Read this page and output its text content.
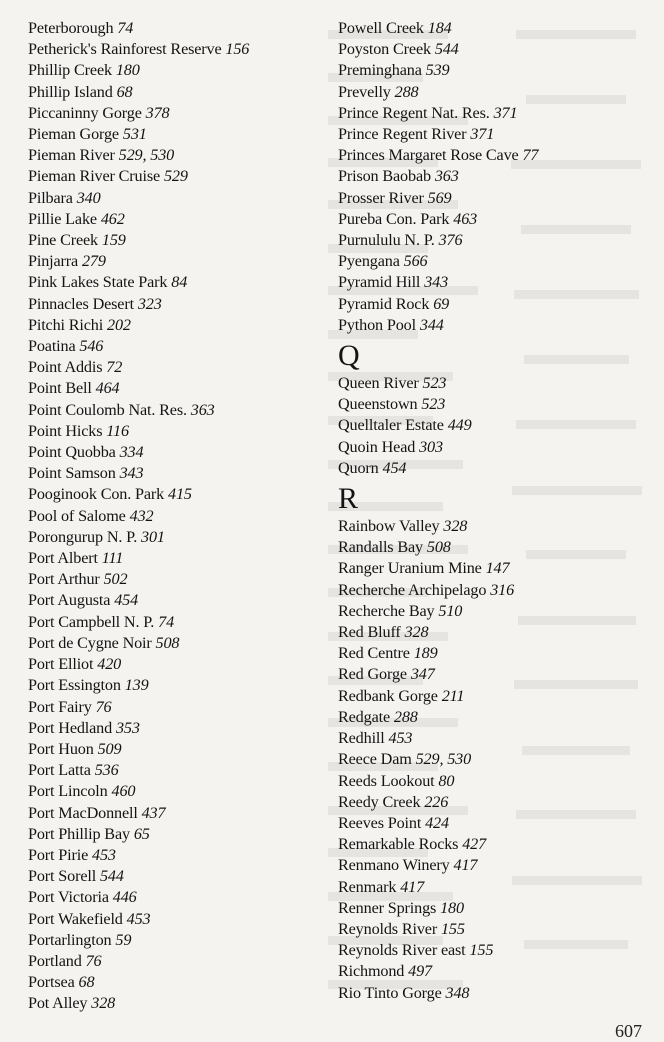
Peterborough 74
Petherick's Rainforest Reserve 156
Phillip Creek 180
Phillip Island 68
Piccaninny Gorge 378
Pieman Gorge 531
Pieman River 529, 530
Pieman River Cruise 529
Pilbara 340
Pillie Lake 462
Pine Creek 159
Pinjarra 279
Pink Lakes State Park 84
Pinnacles Desert 323
Pitchi Richi 202
Poatina 546
Point Addis 72
Point Bell 464
Point Coulomb Nat. Res. 363
Point Hicks 116
Point Quobba 334
Point Samson 343
Pooginook Con. Park 415
Pool of Salome 432
Porongurup N. P. 301
Port Albert 111
Port Arthur 502
Port Augusta 454
Port Campbell N. P. 74
Port de Cygne Noir 508
Port Elliot 420
Port Essington 139
Port Fairy 76
Port Hedland 353
Port Huon 509
Port Latta 536
Port Lincoln 460
Port MacDonnell 437
Port Phillip Bay 65
Port Pirie 453
Port Sorell 544
Port Victoria 446
Port Wakefield 453
Portarlington 59
Portland 76
Portsea 68
Pot Alley 328
Powell Creek 184
Poyston Creek 544
Preminghana 539
Prevelly 288
Prince Regent Nat. Res. 371
Prince Regent River 371
Princes Margaret Rose Cave 77
Prison Baobab 363
Prosser River 569
Pureba Con. Park 463
Purnululu N. P. 376
Pyengana 566
Pyramid Hill 343
Pyramid Rock 69
Python Pool 344
Q
Queen River 523
Queenstown 523
Quelltaler Estate 449
Quoin Head 303
Quorn 454
R
Rainbow Valley 328
Randalls Bay 508
Ranger Uranium Mine 147
Recherche Archipelago 316
Recherche Bay 510
Red Bluff 328
Red Centre 189
Red Gorge 347
Redbank Gorge 211
Redgate 288
Redhill 453
Reece Dam 529, 530
Reeds Lookout 80
Reedy Creek 226
Reeves Point 424
Remarkable Rocks 427
Renmano Winery 417
Renmark 417
Renner Springs 180
Reynolds River 155
Reynolds River east 155
Richmond 497
Rio Tinto Gorge 348
607
